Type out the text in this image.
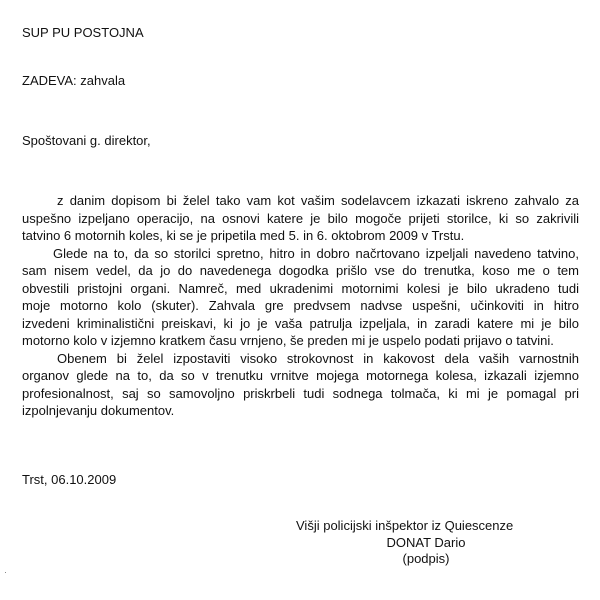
SUP PU POSTOJNA
ZADEVA: zahvala
Spoštovani g. direktor,

z danim dopisom bi želel tako vam kot vašim sodelavcem izkazati iskreno zahvalo za
uspešno izpeljano operacijo, na osnovi katere je bilo mogoče prijeti storilce, ki so zakrivili
tatvino 6 motornih koles, ki se je pripetila med 5. in 6. oktobrom 2009 v Trstu.

Glede na to, da so storilci spretno, hitro in dobro načrtovano izpeljali navedeno tatvino,
sam nisem vedel, da jo do navedenega dogodka prišlo vse do trenutka, koso me o tem
obvestili pristojni organi. Namreč, med ukradenimi motornimi kolesi je bilo ukradeno tudi
moje motorno kolo (skuter). Zahvala gre predvsem nadvse uspešni, učinkoviti in hitro
izvedeni kriminalistični preiskavi, ki jo je vaša patrulja izpeljala, in zaradi katere mi je bilo
motorno kolo v izjemno kratkem času vrnjeno, še preden mi je uspelo podati prijavo o tatvini.

Obenem bi želel izpostaviti visoko strokovnost in kakovost dela vaših varnostnih
organov glede na to, da so v trenutku vrnitve mojega motornega kolesa, izkazali izjemno
profesionalnost, saj so samovoljno priskrbeli tudi sodnega tolmača, ki mi je pomagal pri
izpolnjevanju dokumentov.

Trst, 06.10.2009
Višji policijski inšpektor iz Quiescenze
DONAT Dario
(podpis)
